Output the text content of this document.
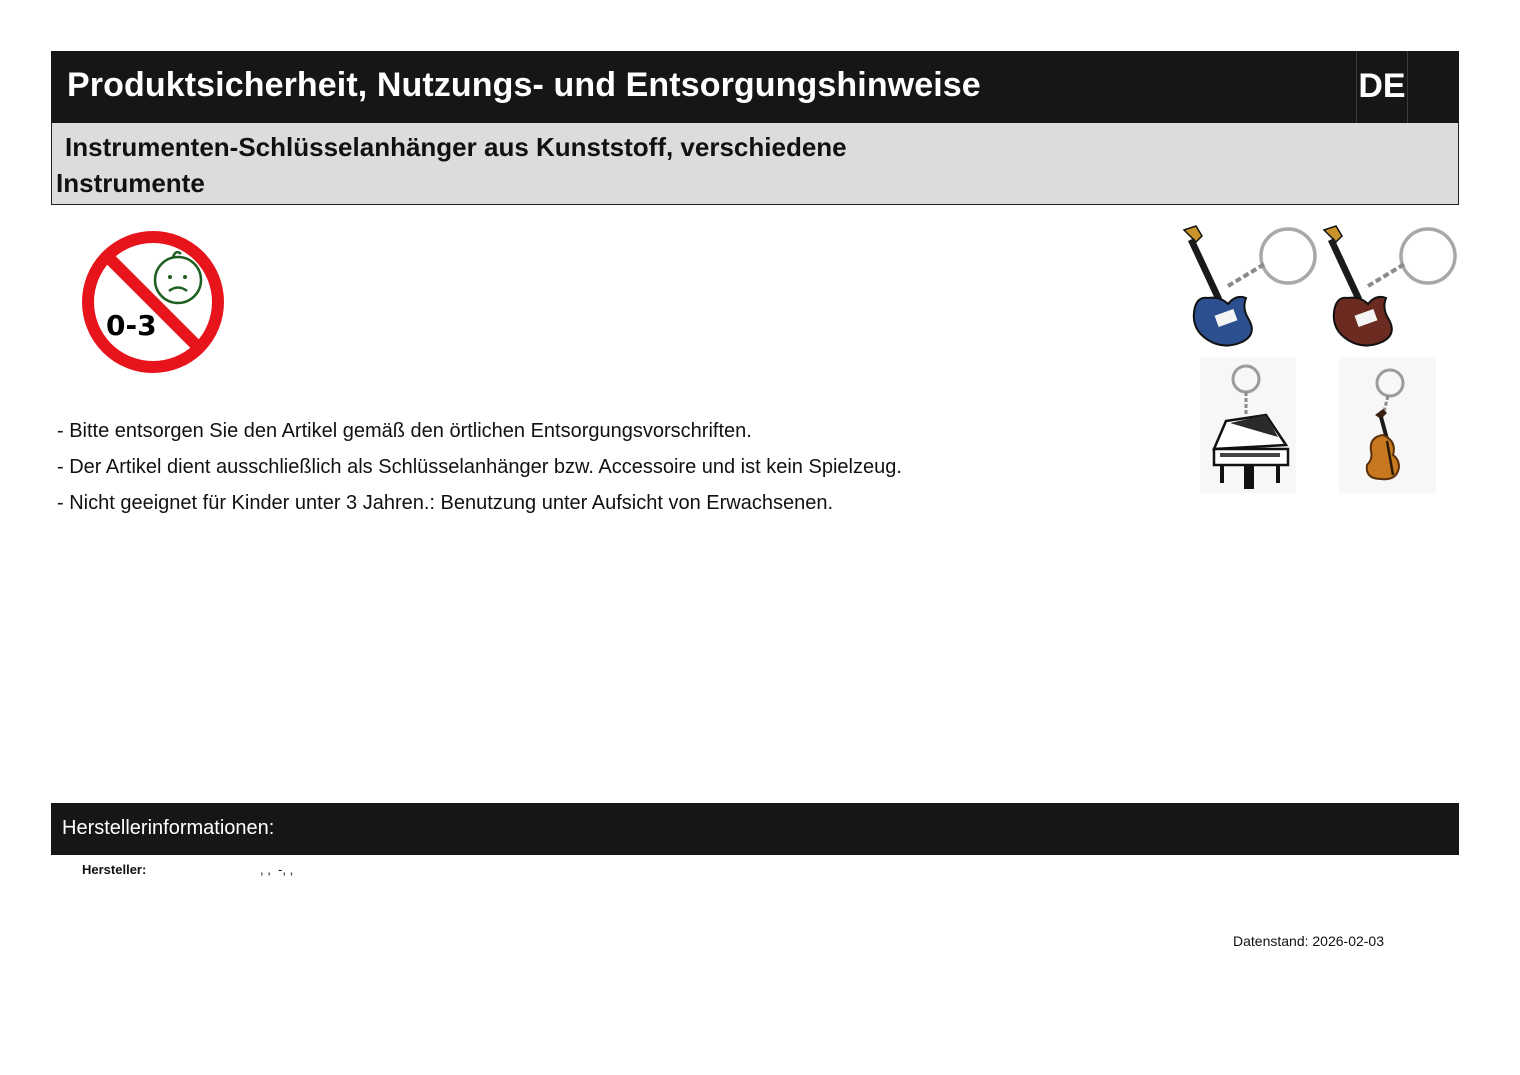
Produktsicherheit, Nutzungs- und Entsorgungshinweise	DE
Instrumenten-Schlüsselanhänger aus Kunststoff, verschiedene Instrumente
0-3
- Bitte entsorgen Sie den Artikel gemäß den örtlichen Entsorgungsvorschriften.
- Der Artikel dient ausschließlich als Schlüsselanhänger bzw. Accessoire und ist kein Spielzeug.
- Nicht geeignet für Kinder unter 3 Jahren.: Benutzung unter Aufsicht von Erwachsenen.
Herstellerinformationen:
Hersteller:	, ,  -, ,
Datenstand: 2026-02-03
